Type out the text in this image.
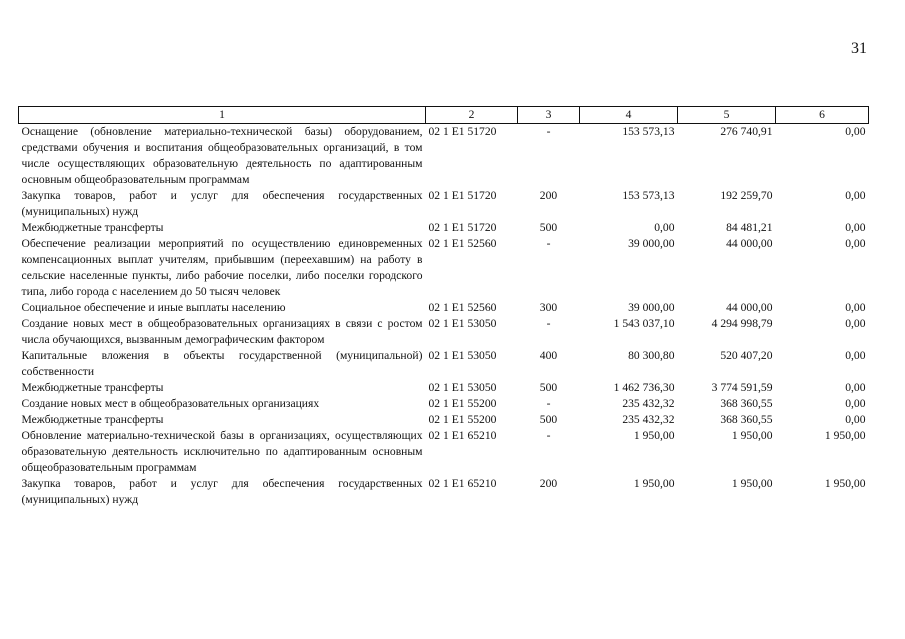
31
1	2	3	4	5	6
Оснащение (обновление материально-технической базы) оборудованием, средствами обучения и воспитания общеобразовательных организаций, в том числе осуществляющих образовательную деятельность по адаптированным основным общеобразовательным программам	02 1 E1 51720	-	153 573,13	276 740,91	0,00
Закупка товаров, работ и услуг для обеспечения государственных (муниципальных) нужд	02 1 E1 51720	200	153 573,13	192 259,70	0,00
Межбюджетные трансферты	02 1 E1 51720	500	0,00	84 481,21	0,00
Обеспечение реализации мероприятий по осуществлению единовременных компенсационных выплат учителям, прибывшим (переехавшим) на работу в сельские населенные пункты, либо рабочие поселки, либо поселки городского типа, либо города с населением до 50 тысяч человек	02 1 E1 52560	-	39 000,00	44 000,00	0,00
Социальное обеспечение и иные выплаты населению	02 1 E1 52560	300	39 000,00	44 000,00	0,00
Создание новых мест в общеобразовательных организациях в связи с ростом числа обучающихся, вызванным демографическим фактором	02 1 E1 53050	-	1 543 037,10	4 294 998,79	0,00
Капитальные вложения в объекты государственной (муниципальной) собственности	02 1 E1 53050	400	80 300,80	520 407,20	0,00
Межбюджетные трансферты	02 1 E1 53050	500	1 462 736,30	3 774 591,59	0,00
Создание новых мест в общеобразовательных организациях	02 1 E1 55200	-	235 432,32	368 360,55	0,00
Межбюджетные трансферты	02 1 E1 55200	500	235 432,32	368 360,55	0,00
Обновление материально-технической базы в организациях, осуществляющих образовательную деятельность исключительно по адаптированным основным общеобразовательным программам	02 1 E1 65210	-	1 950,00	1 950,00	1 950,00
Закупка товаров, работ и услуг для обеспечения государственных (муниципальных) нужд	02 1 E1 65210	200	1 950,00	1 950,00	1 950,00
